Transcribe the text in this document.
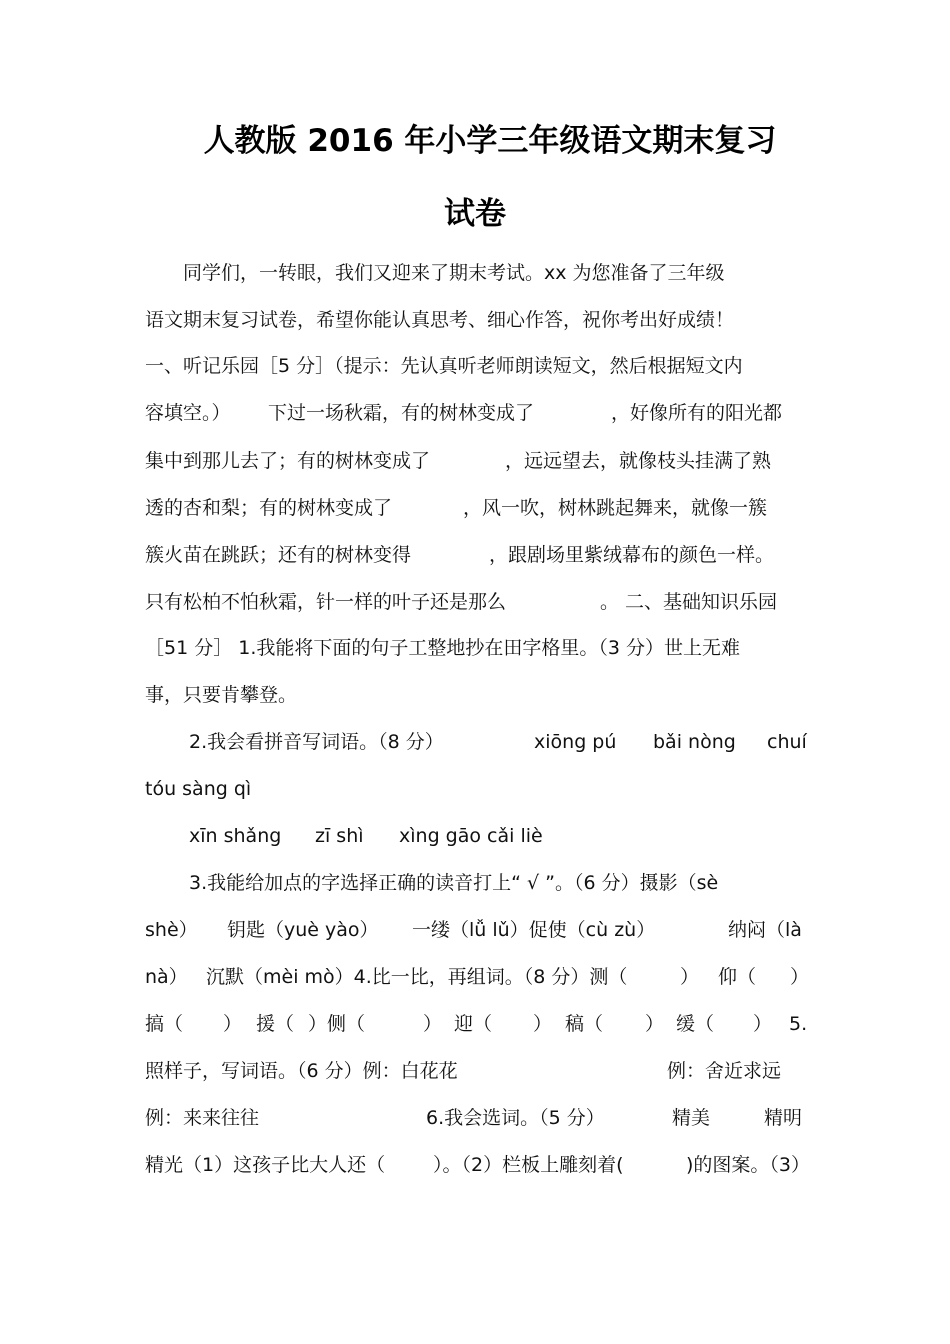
人教版 2016 年小学三年级语文期末复习
试卷
　　同学们，一转眼，我们又迎来了期末考试。xx 为您准备了三年级
语文期末复习试卷，希望你能认真思考、细心作答，祝你考出好成绩！
一、听记乐园［5 分］（提示：先认真听老师朗读短文，然后根据短文内
容填空。） 下过一场秋霜，有的树林变成了	，好像所有的阳光都
集中到那儿去了；有的树林变成了	，远远望去，就像枝头挂满了熟
透的杏和梨；有的树林变成了	，风一吹，树林跳起舞来，就像一簇
簇火苗在跳跃；还有的树林变得	，跟剧场里紫绒幕布的颜色一样。
只有松柏不怕秋霜，针一样的叶子还是那么	。 二、基础知识乐园
［51 分］ 1.我能将下面的句子工整地抄在田字格里。（3 分）世上无难
事，只要肯攀登。
2.我会看拼音写词语。（8 分）	xiōng pú bǎi nòng chuí
tóu sàng qì
xīn shǎng zī shì xìng gāo cǎi liè
3.我能给加点的字选择正确的读音打上“ √ ”。（6 分）摄影（sè
shè） 钥匙（yuè yào） 一缕（lǚ lǔ）促使（cù zù）	纳闷（là
nà） 沉默（mèi mò）4.比一比，再组词。（8 分）测（	） 仰（ ）
搞（ ） 援（ ）侧（	） 迎（ ） 稿（ ） 缓（ ） 5.
照样子，写词语。（6 分）例：白花花	例：舍近求远
例：来来往往	6.我会选词。（5 分）	精美	精明
精光（1）这孩子比大人还（	）。（2）栏板上雕刻着(	)的图案。（3）
